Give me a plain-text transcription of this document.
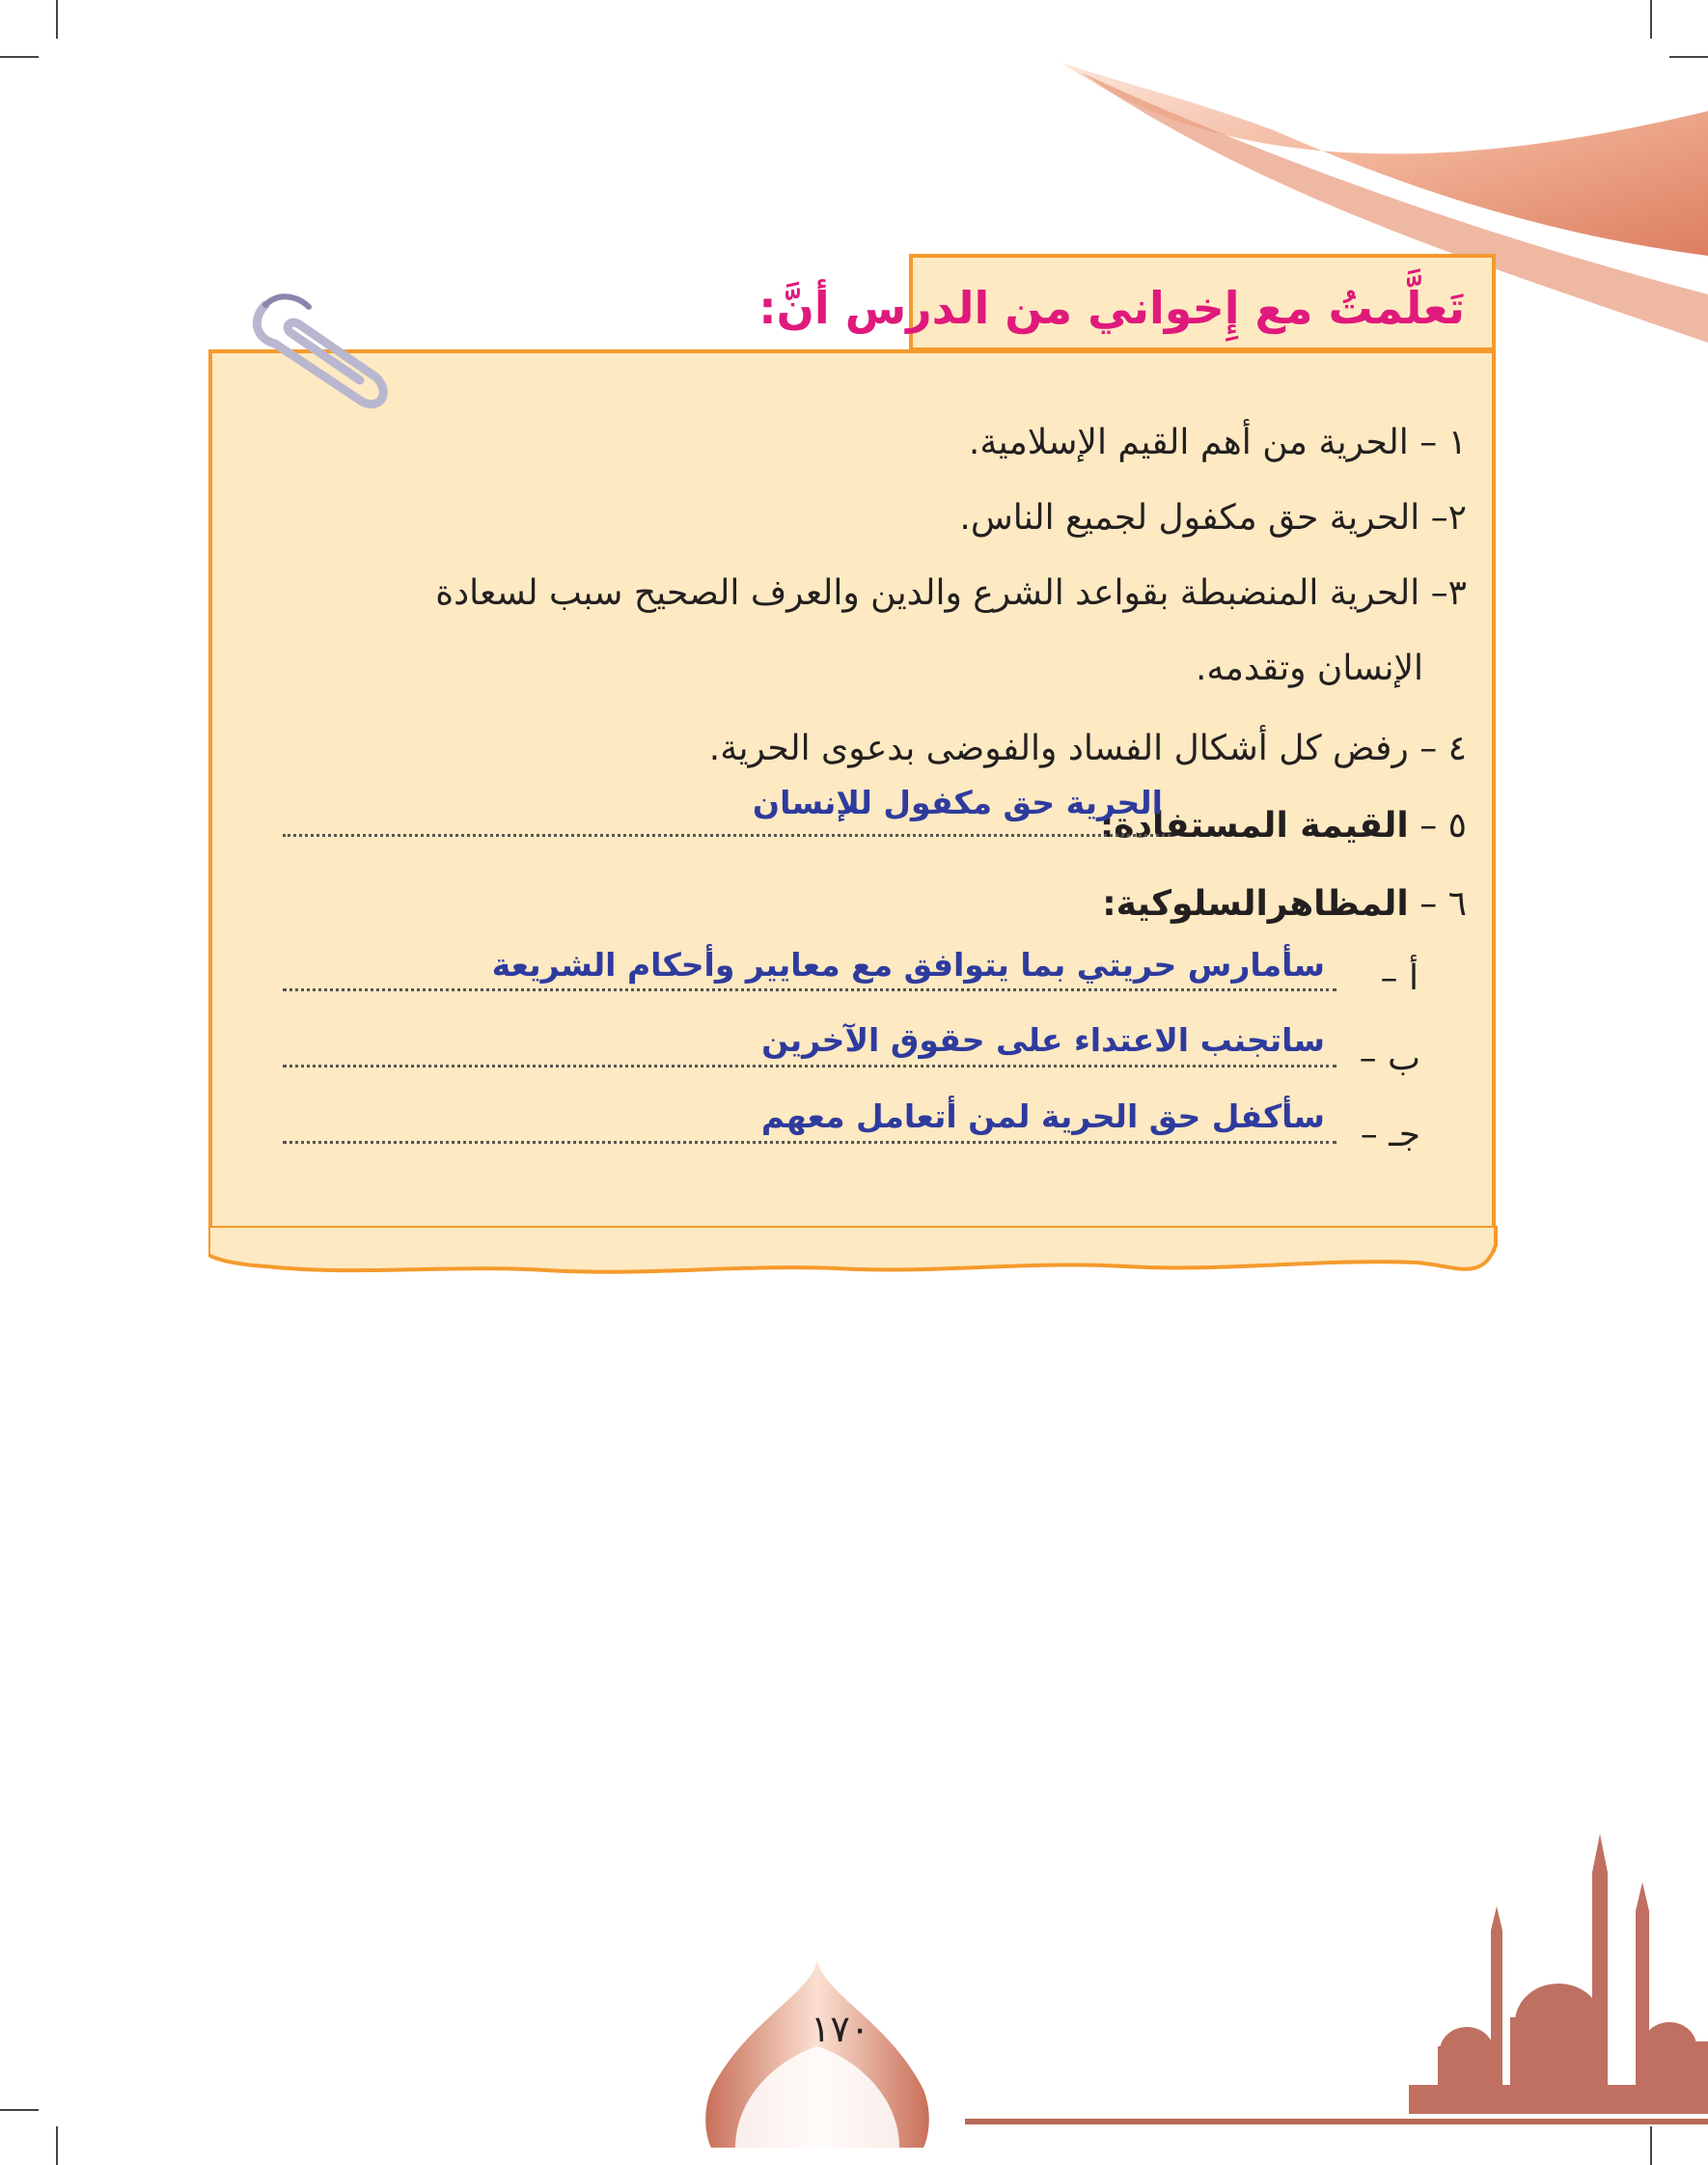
تَعلَّمتُ مع إِخواني من الدرس أنَّ:
١ – الحرية من أهم القيم الإسلامية.
٢– الحرية حق مكفول لجميع الناس.
٣– الحرية المنضبطة بقواعد الشرع والدين والعرف الصحيح سبب لسعادة
الإنسان وتقدمه.
٤ – رفض كل أشكال الفساد والفوضى بدعوى الحرية.
٥ – القيمة المستفادة:
الحرية حق مكفول للإنسان
٦ – المظاهرالسلوكية:
أ –
سأمارس حريتي بما يتوافق مع معايير وأحكام الشريعة
ب –
ساتجنب الاعتداء على حقوق الآخرين
جـ –
سأكفل حق الحرية لمن أتعامل معهم
١٧٠
